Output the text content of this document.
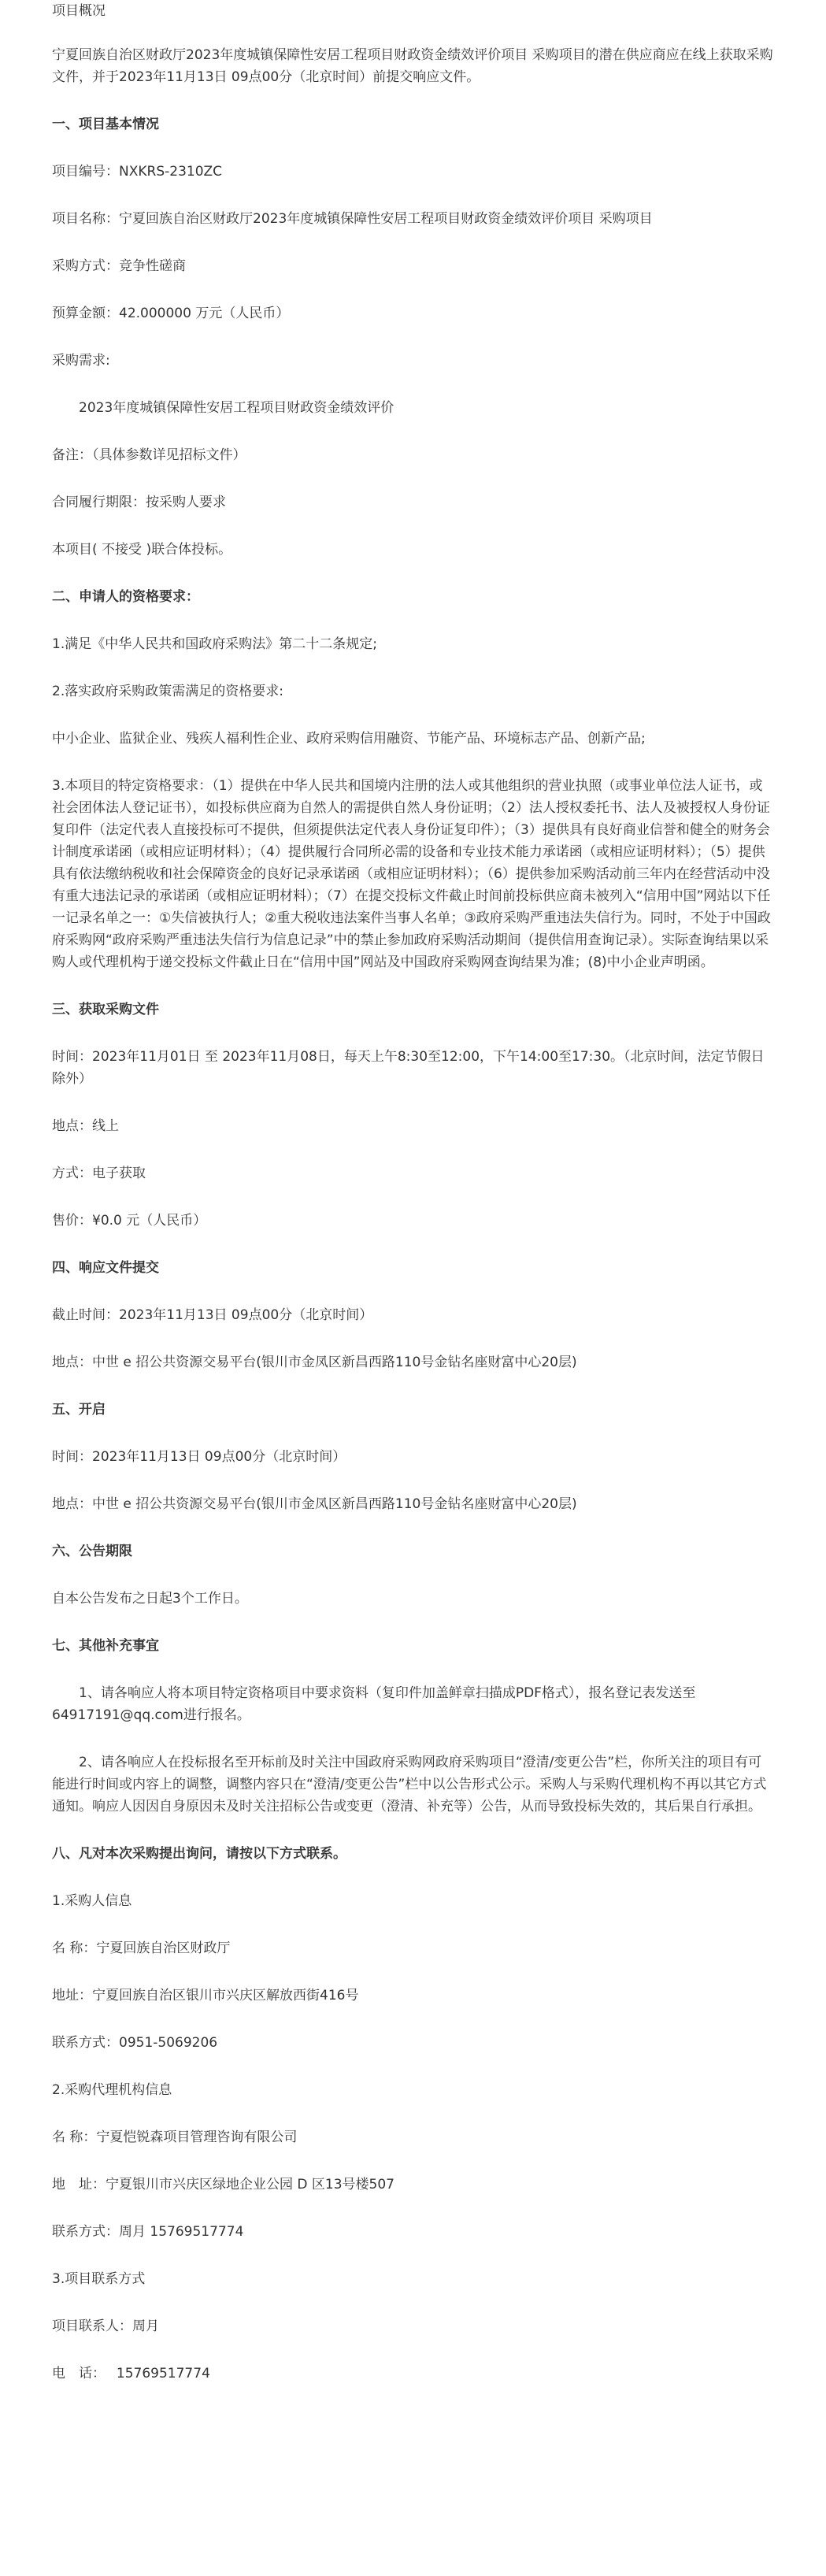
项目概况

宁夏回族自治区财政厅2023年度城镇保障性安居工程项目财政资金绩效评价项目 采购项目的潜在供应商应在线上获取采购文件，并于2023年11月13日 09点00分（北京时间）前提交响应文件。

一、项目基本情况

项目编号：NXKRS-2310ZC

项目名称：宁夏回族自治区财政厅2023年度城镇保障性安居工程项目财政资金绩效评价项目 采购项目

采购方式：竞争性磋商

预算金额：42.000000 万元（人民币）

采购需求:

2023年度城镇保障性安居工程项目财政资金绩效评价

备注：（具体参数详见招标文件）

合同履行期限：按采购人要求

本项目( 不接受 )联合体投标。

二、申请人的资格要求：

1.满足《中华人民共和国政府采购法》第二十二条规定;

2.落实政府采购政策需满足的资格要求:

中小企业、监狱企业、残疾人福利性企业、政府采购信用融资、节能产品、环境标志产品、创新产品;

3.本项目的特定资格要求：（1）提供在中华人民共和国境内注册的法人或其他组织的营业执照（或事业单位法人证书，或社会团体法人登记证书），如投标供应商为自然人的需提供自然人身份证明；（2）法人授权委托书、法人及被授权人身份证复印件（法定代表人直接投标可不提供，但须提供法定代表人身份证复印件）；（3）提供具有良好商业信誉和健全的财务会计制度承诺函（或相应证明材料）；（4）提供履行合同所必需的设备和专业技术能力承诺函（或相应证明材料）；（5）提供具有依法缴纳税收和社会保障资金的良好记录承诺函（或相应证明材料）；（6）提供参加采购活动前三年内在经营活动中没有重大违法记录的承诺函（或相应证明材料）；（7）在提交投标文件截止时间前投标供应商未被列入“信用中国”网站以下任一记录名单之一：①失信被执行人；②重大税收违法案件当事人名单；③政府采购严重违法失信行为。同时，不处于中国政府采购网“政府采购严重违法失信行为信息记录”中的禁止参加政府采购活动期间（提供信用查询记录）。实际查询结果以采购人或代理机构于递交投标文件截止日在“信用中国”网站及中国政府采购网查询结果为准；(8)中小企业声明函。

三、获取采购文件

时间：2023年11月01日 至 2023年11月08日，每天上午8:30至12:00，下午14:00至17:30。（北京时间，法定节假日除外）

地点：线上

方式：电子获取

售价：¥0.0 元（人民币）

四、响应文件提交

截止时间：2023年11月13日 09点00分（北京时间）

地点：中世 e 招公共资源交易平台(银川市金凤区新昌西路110号金钻名座财富中心20层)

五、开启

时间：2023年11月13日 09点00分（北京时间）

地点：中世 e 招公共资源交易平台(银川市金凤区新昌西路110号金钻名座财富中心20层)

六、公告期限

自本公告发布之日起3个工作日。

七、其他补充事宜

1、请各响应人将本项目特定资格项目中要求资料（复印件加盖鲜章扫描成PDF格式），报名登记表发送至64917191@qq.com进行报名。

2、请各响应人在投标报名至开标前及时关注中国政府采购网政府采购项目“澄清/变更公告”栏，你所关注的项目有可能进行时间或内容上的调整，调整内容只在“澄清/变更公告”栏中以公告形式公示。采购人与采购代理机构不再以其它方式通知。响应人因因自身原因未及时关注招标公告或变更（澄清、补充等）公告，从而导致投标失效的，其后果自行承担。

八、凡对本次采购提出询问，请按以下方式联系。

1.采购人信息

名 称：宁夏回族自治区财政厅

地址：宁夏回族自治区银川市兴庆区解放西街416号

联系方式：0951-5069206

2.采购代理机构信息

名 称：宁夏恺锐森项目管理咨询有限公司

地　址：宁夏银川市兴庆区绿地企业公园 D 区13号楼507

联系方式：周月 15769517774

3.项目联系方式

项目联系人：周月

电　话：　 15769517774
